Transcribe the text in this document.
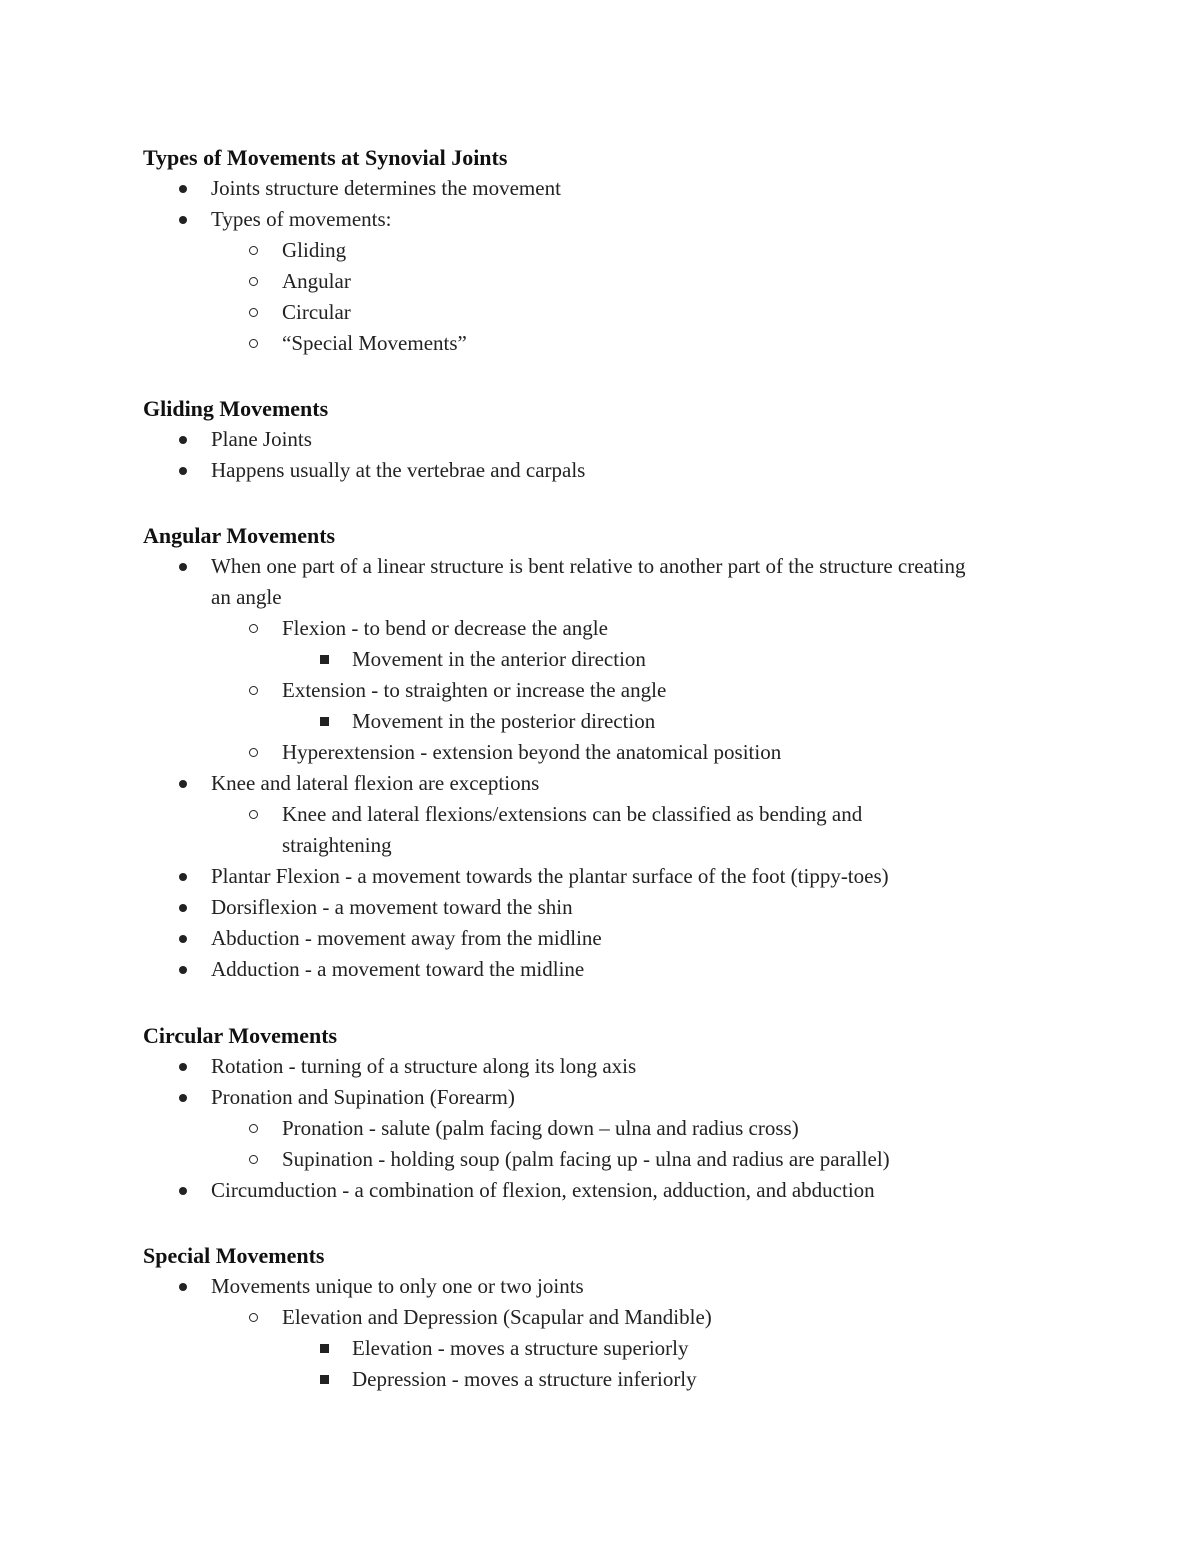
Types of Movements at Synovial Joints
Joints structure determines the movement
Types of movements:
Gliding
Angular
Circular
“Special Movements”
Gliding Movements
Plane Joints
Happens usually at the vertebrae and carpals
Angular Movements
When one part of a linear structure is bent relative to another part of the structure creating
an angle
Flexion - to bend or decrease the angle
Movement in the anterior direction
Extension - to straighten or increase the angle
Movement in the posterior direction
Hyperextension - extension beyond the anatomical position
Knee and lateral flexion are exceptions
Knee and lateral flexions/extensions can be classified as bending and
straightening
Plantar Flexion - a movement towards the plantar surface of the foot (tippy-toes)
Dorsiflexion - a movement toward the shin
Abduction - movement away from the midline
Adduction - a movement toward the midline
Circular Movements
Rotation - turning of a structure along its long axis
Pronation and Supination (Forearm)
Pronation - salute (palm facing down – ulna and radius cross)
Supination - holding soup (palm facing up - ulna and radius are parallel)
Circumduction - a combination of flexion, extension, adduction, and abduction
Special Movements
Movements unique to only one or two joints
Elevation and Depression (Scapular and Mandible)
Elevation - moves a structure superiorly
Depression - moves a structure inferiorly
